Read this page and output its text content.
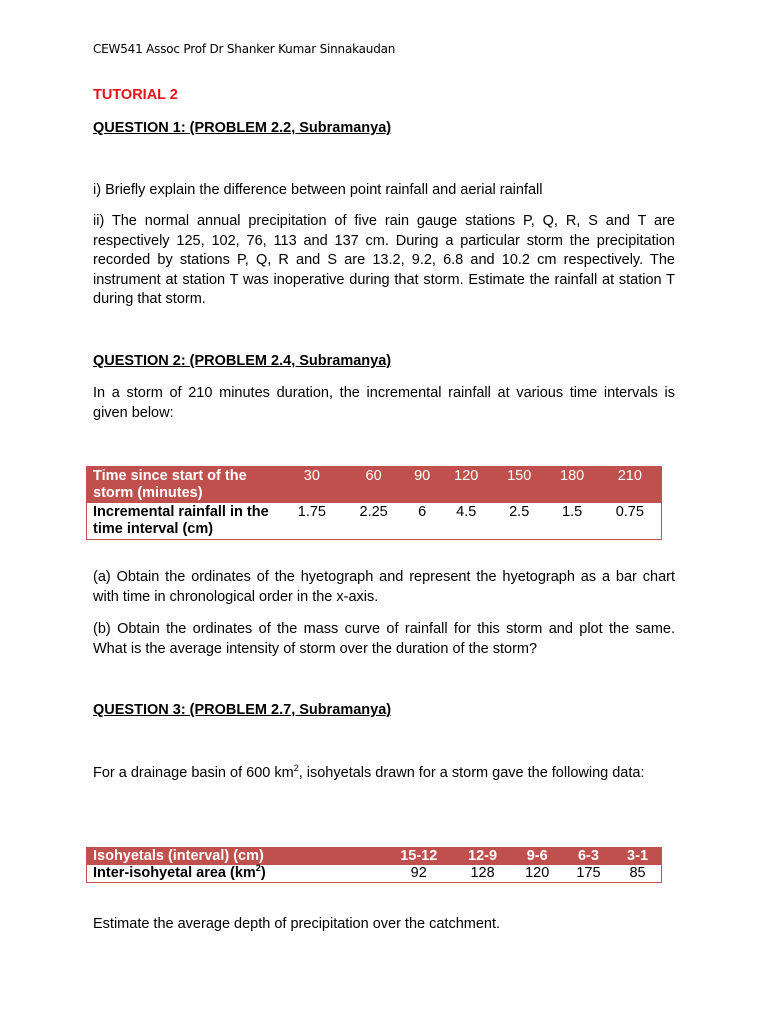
CEW541 Assoc Prof Dr Shanker Kumar Sinnakaudan
TUTORIAL 2
QUESTION 1: (PROBLEM 2.2, Subramanya)
i) Briefly explain the difference between point rainfall and aerial rainfall
ii) The normal annual precipitation of five rain gauge stations P, Q, R, S and T are respectively 125, 102, 76, 113 and 137 cm. During a particular storm the precipitation recorded by stations P, Q, R and S are 13.2, 9.2, 6.8 and 10.2 cm respectively. The instrument at station T was inoperative during that storm. Estimate the rainfall at station T during that storm.
QUESTION 2: (PROBLEM 2.4, Subramanya)
In a storm of 210 minutes duration, the incremental rainfall at various time intervals is given below:
Time since start of the storm (minutes)	30	60	90	120	150	180	210
Incremental rainfall in the time interval (cm)	1.75	2.25	6	4.5	2.5	1.5	0.75
(a) Obtain the ordinates of the hyetograph and represent the hyetograph as a bar chart with time in chronological order in the x-axis.
(b) Obtain the ordinates of the mass curve of rainfall for this storm and plot the same. What is the average intensity of storm over the duration of the storm?
QUESTION 3: (PROBLEM 2.7, Subramanya)
For a drainage basin of 600 $km^2$, isohyetals drawn for a storm gave the following data:
Isohyetals (interval) (cm)	15-12	12-9	9-6	6-3	3-1
Inter-isohyetal area $(km^2)$	92	128	120	175	85
Estimate the average depth of precipitation over the catchment.
